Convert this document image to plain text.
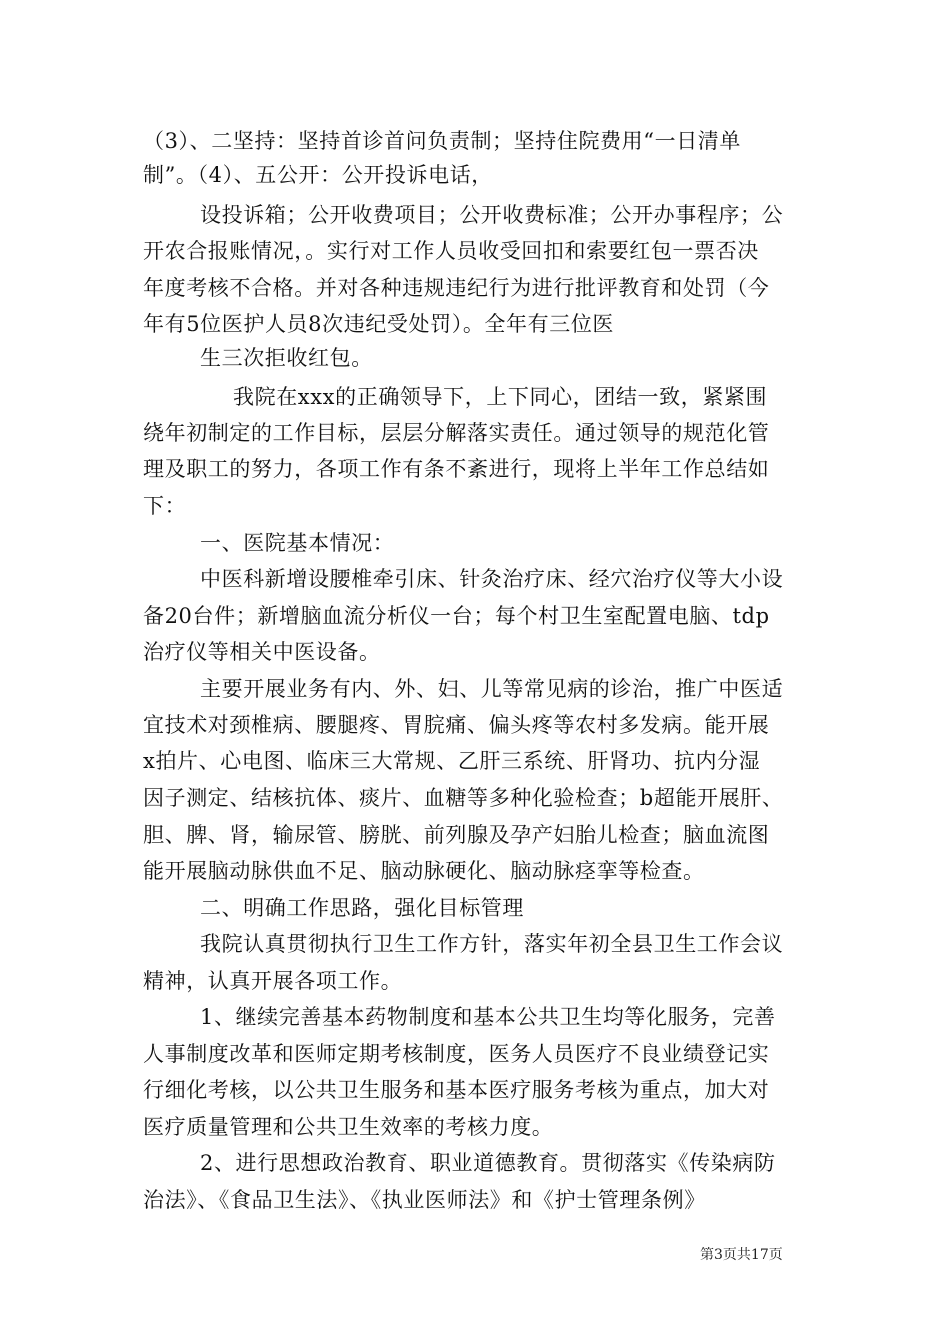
（3）、二坚持：坚持首诊首问负责制；坚持住院费用“一日清单
制”。（4）、五公开：公开投诉电话，
设投诉箱；公开收费项目；公开收费标准；公开办事程序；公
开农合报账情况，。实行对工作人员收受回扣和索要红包一票否决
年度考核不合格。并对各种违规违纪行为进行批评教育和处罚（今
年有5位医护人员8次违纪受处罚）。全年有三位医
生三次拒收红包。
我院在xxx的正确领导下，上下同心，团结一致，紧紧围
绕年初制定的工作目标，层层分解落实责任。通过领导的规范化管
理及职工的努力，各项工作有条不紊进行，现将上半年工作总结如
下：
一、医院基本情况：
中医科新增设腰椎牵引床、针灸治疗床、经穴治疗仪等大小设
备20台件；新增脑血流分析仪一台；每个村卫生室配置电脑、tdp
治疗仪等相关中医设备。
主要开展业务有内、外、妇、儿等常见病的诊治，推广中医适
宜技术对颈椎病、腰腿疼、胃脘痛、偏头疼等农村多发病。能开展
x拍片、心电图、临床三大常规、乙肝三系统、肝肾功、抗内分湿
因子测定、结核抗体、痰片、血糖等多种化验检查；b超能开展肝、
胆、脾、肾，输尿管、膀胱、前列腺及孕产妇胎儿检查；脑血流图
能开展脑动脉供血不足、脑动脉硬化、脑动脉痉挛等检查。
二、明确工作思路，强化目标管理
我院认真贯彻执行卫生工作方针，落实年初全县卫生工作会议
精神，认真开展各项工作。
1、继续完善基本药物制度和基本公共卫生均等化服务，完善
人事制度改革和医师定期考核制度，医务人员医疗不良业绩登记实
行细化考核，以公共卫生服务和基本医疗服务考核为重点，加大对
医疗质量管理和公共卫生效率的考核力度。
2、进行思想政治教育、职业道德教育。贯彻落实《传染病防
治法》、《食品卫生法》、《执业医师法》和《护士管理条例》
第3页共17页
